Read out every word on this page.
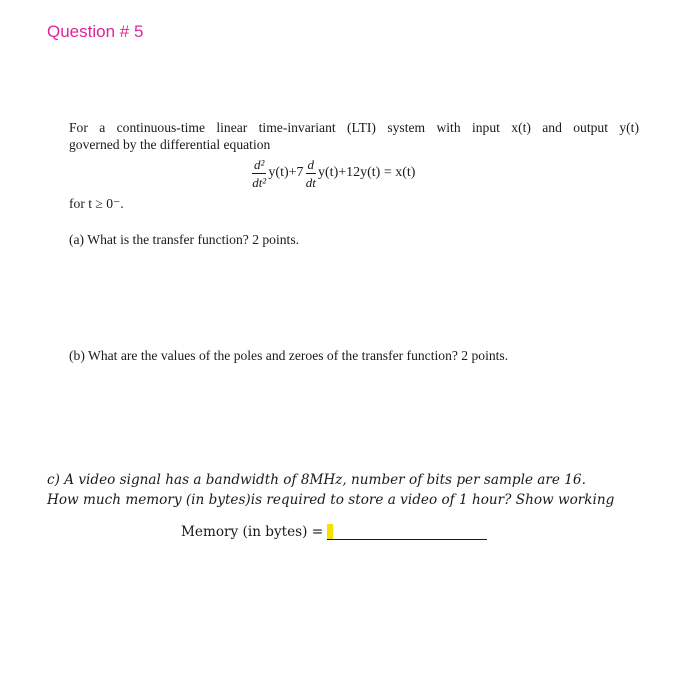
Question # 5
For a continuous-time linear time-invariant (LTI) system with input x(t) and output y(t)
governed by the differential equation
$\frac{\text{d²}}{\text{dt²}} y(t)+7 \frac{d}{dt} y(t)+12y(t) = x(t)$
for t ≥ 0⁻.
(a) What is the transfer function? 2 points.
(b) What are the values of the poles and zeroes of the transfer function? 2 points.
c) A video signal has a bandwidth of 8MHz, number of bits per sample are 16.
How much memory (in bytes)is required to store a video of 1 hour? Show working
Memory (in bytes) =
